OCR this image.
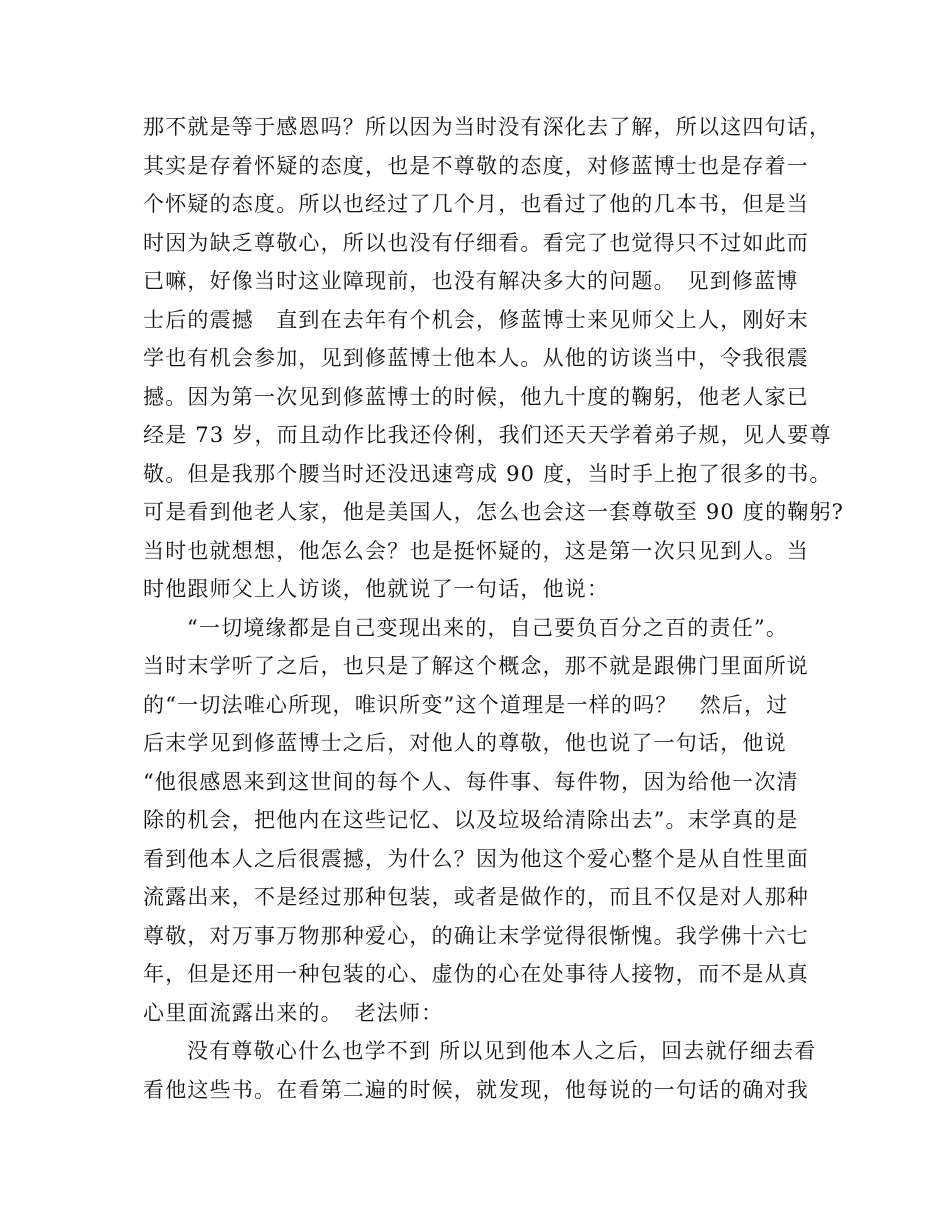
那不就是等于感恩吗？所以因为当时没有深化去了解，所以这四句话，
其实是存着怀疑的态度，也是不尊敬的态度，对修蓝博士也是存着一
个怀疑的态度。所以也经过了几个月，也看过了他的几本书，但是当
时因为缺乏尊敬心，所以也没有仔细看。看完了也觉得只不过如此而
已嘛，好像当时这业障现前，也没有解决多大的问题。　见到修蓝博
士后的震撼　直到在去年有个机会，修蓝博士来见师父上人，刚好末
学也有机会参加，见到修蓝博士他本人。从他的访谈当中，令我很震
撼。因为第一次见到修蓝博士的时候，他九十度的鞠躬，他老人家已
经是 73 岁，而且动作比我还伶俐，我们还天天学着弟子规，见人要尊
敬。但是我那个腰当时还没迅速弯成 90 度，当时手上抱了很多的书。
可是看到他老人家，他是美国人，怎么也会这一套尊敬至 90 度的鞠躬?
当时也就想想，他怎么会？也是挺怀疑的，这是第一次只见到人。当
时他跟师父上人访谈，他就说了一句话，他说：
“一切境缘都是自己变现出来的，自己要负百分之百的责任”。
当时末学听了之后，也只是了解这个概念，那不就是跟佛门里面所说
的“一切法唯心所现，唯识所变”这个道理是一样的吗？　然后，过
后末学见到修蓝博士之后，对他人的尊敬，他也说了一句话，他说
“他很感恩来到这世间的每个人、每件事、每件物，因为给他一次清
除的机会，把他内在这些记忆、以及垃圾给清除出去”。末学真的是
看到他本人之后很震撼，为什么？因为他这个爱心整个是从自性里面
流露出来，不是经过那种包装，或者是做作的，而且不仅是对人那种
尊敬，对万事万物那种爱心，的确让末学觉得很惭愧。我学佛十六七
年，但是还用一种包装的心、虚伪的心在处事待人接物，而不是从真
心里面流露出来的。　老法师：
没有尊敬心什么也学不到 所以见到他本人之后，回去就仔细去看
看他这些书。在看第二遍的时候，就发现，他每说的一句话的确对我
